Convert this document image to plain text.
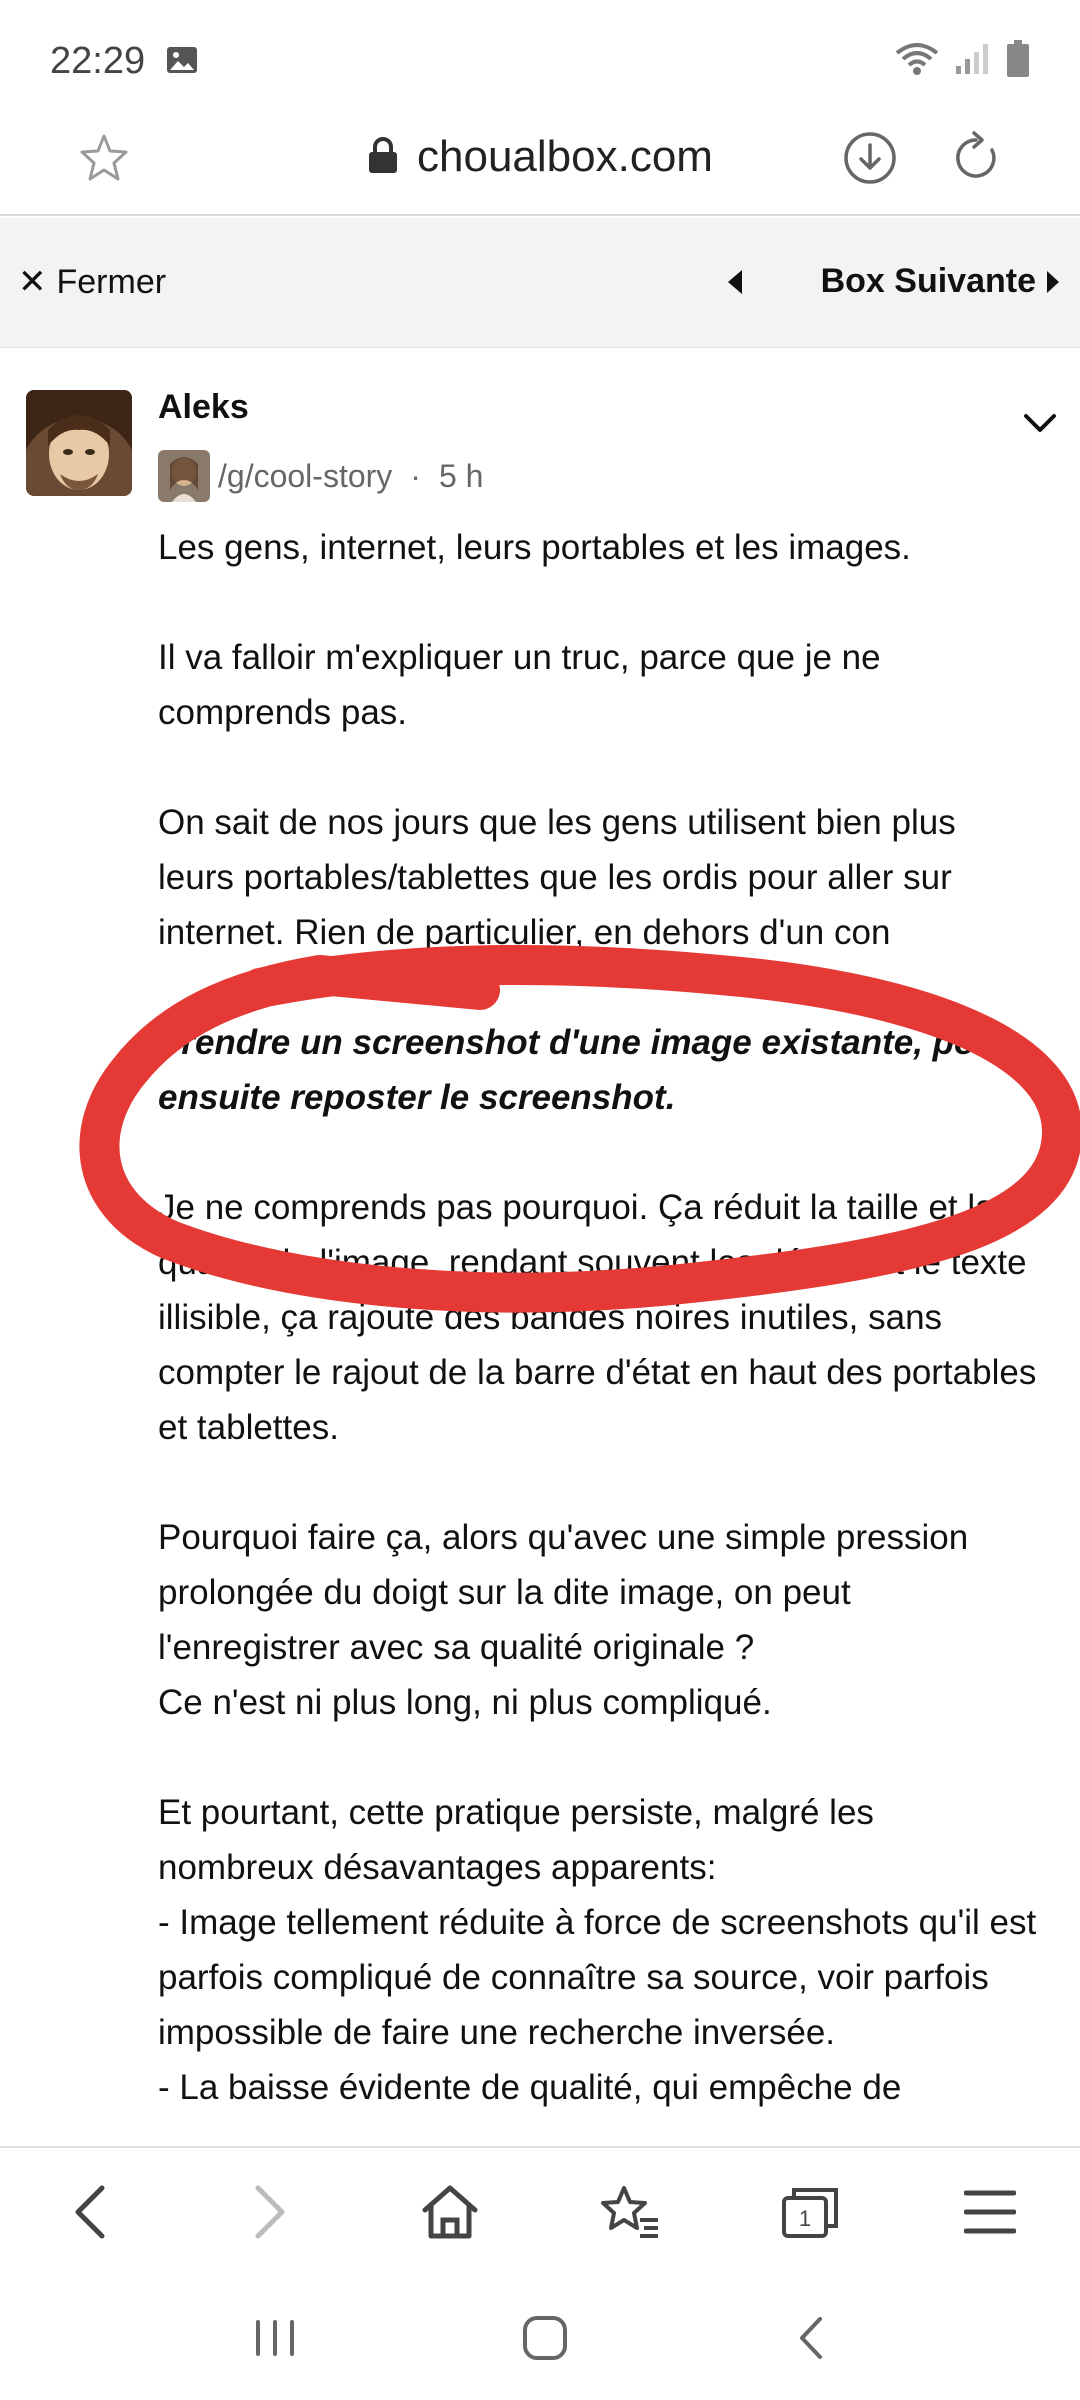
22:29
choualbox.com
✕ Fermer	Box Suivante
Aleks
/g/cool-story · 5 h

Les gens, internet, leurs portables et les images.

Il va falloir m'expliquer un truc, parce que je ne comprends pas.

On sait de nos jours que les gens utilisent bien plus leurs portables/tablettes que les ordis pour aller sur internet. Rien de particulier, en dehors d'un con

Prendre un screenshot d'une image existante, pour ensuite reposter le screenshot.

Je ne comprends pas pourquoi. Ça réduit la taille et la qualité de l'image, rendant souvent les détails et le texte illisible, ça rajoute des bandes noires inutiles, sans compter le rajout de la barre d'état en haut des portables et tablettes.

Pourquoi faire ça, alors qu'avec une simple pression prolongée du doigt sur la dite image, on peut l'enregistrer avec sa qualité originale ?

Ce n'est ni plus long, ni plus compliqué.

Et pourtant, cette pratique persiste, malgré les nombreux désavantages apparents:

- Image tellement réduite à force de screenshots qu'il est parfois compliqué de connaître sa source, voir parfois impossible de faire une recherche inversée.

- La baisse évidente de qualité, qui empêche de

1
